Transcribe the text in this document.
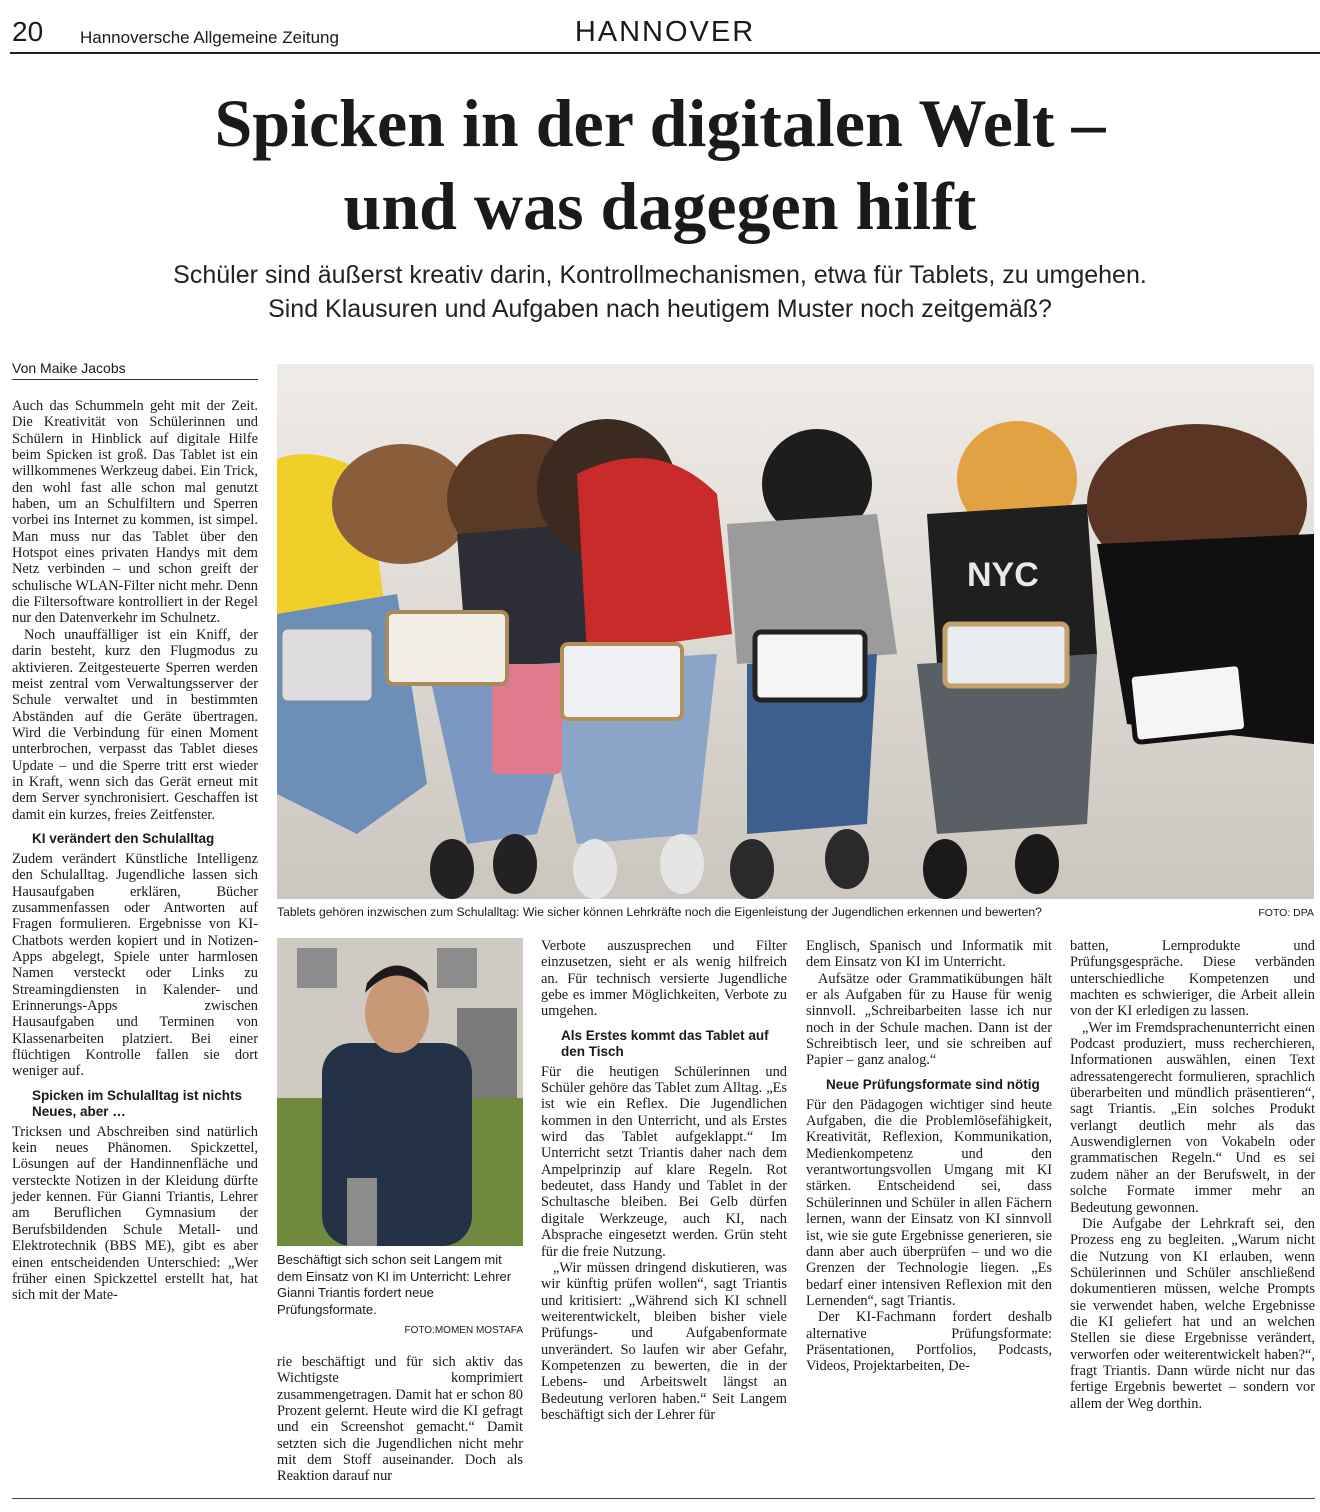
20 Hannoversche Allgemeine Zeitung	HANNOVER
Spicken in der digitalen Welt –
und was dagegen hilft
Schüler sind äußerst kreativ darin, Kontrollmechanismen, etwa für Tablets, zu umgehen.
Sind Klausuren und Aufgaben nach heutigem Muster noch zeitgemäß?
Von Maike Jacobs

Auch das Schummeln geht mit der Zeit. Die Kreativität von Schülerinnen und Schülern in Hinblick auf digitale Hilfe beim Spicken ist groß. Das Tablet ist ein willkommenes Werkzeug dabei. Ein Trick, den wohl fast alle schon mal genutzt haben, um an Schulfiltern und Sperren vorbei ins Internet zu kommen, ist simpel. Man muss nur das Tablet über den Hotspot eines privaten Handys mit dem Netz verbinden – und schon greift der schulische WLAN-Filter nicht mehr. Denn die Filtersoftware kontrolliert in der Regel nur den Datenverkehr im Schulnetz.

Noch unauffälliger ist ein Kniff, der darin besteht, kurz den Flugmodus zu aktivieren. Zeitgesteuerte Sperren werden meist zentral vom Verwaltungsserver der Schule verwaltet und in bestimmten Abständen auf die Geräte übertragen. Wird die Verbindung für einen Moment unterbrochen, verpasst das Tablet dieses Update – und die Sperre tritt erst wieder in Kraft, wenn sich das Gerät erneut mit dem Server synchronisiert. Geschaffen ist damit ein kurzes, freies Zeitfenster.

KI verändert den Schulalltag

Zudem verändert Künstliche Intelligenz den Schulalltag. Jugendliche lassen sich Hausaufgaben erklären, Bücher zusammenfassen oder Antworten auf Fragen formulieren. Ergebnisse von KI-Chatbots werden kopiert und in Notizen-Apps abgelegt, Spiele unter harmlosen Namen versteckt oder Links zu Streamingdiensten in Kalender- und Erinnerungs-Apps zwischen Hausaufgaben und Terminen von Klassenarbeiten platziert. Bei einer flüchtigen Kontrolle fallen sie dort weniger auf.

Spicken im Schulalltag ist nichts Neues, aber …

Tricksen und Abschreiben sind natürlich kein neues Phänomen. Spickzettel, Lösungen auf der Handinnenfläche und versteckte Notizen in der Kleidung dürfte jeder kennen. Für Gianni Triantis, Lehrer am Beruflichen Gymnasium der Berufsbildenden Schule Metall- und Elektrotechnik (BBS ME), gibt es aber einen entscheidenden Unterschied: „Wer früher einen Spickzettel erstellt hat, hat sich mit der Mate-

NYC
Tablets gehören inzwischen zum Schulalltag: Wie sicher können Lehrkräfte noch die Eigenleistung der Jugendlichen erkennen und bewerten?	FOTO: DPA
Beschäftigt sich schon seit Langem mit dem Einsatz von KI im Unterricht: Lehrer Gianni Triantis fordert neue Prüfungsformate.
FOTO:MOMEN MOSTAFA

rie beschäftigt und für sich aktiv das Wichtigste komprimiert zusammengetragen. Damit hat er schon 80 Prozent gelernt. Heute wird die KI gefragt und ein Screenshot gemacht.“ Damit setzten sich die Jugendlichen nicht mehr mit dem Stoff auseinander. Doch als Reaktion darauf nur

Verbote auszusprechen und Filter einzusetzen, sieht er als wenig hilfreich an. Für technisch versierte Jugendliche gebe es immer Möglichkeiten, Verbote zu umgehen.

Als Erstes kommt das Tablet auf den Tisch

Für die heutigen Schülerinnen und Schüler gehöre das Tablet zum Alltag. „Es ist wie ein Reflex. Die Jugendlichen kommen in den Unterricht, und als Erstes wird das Tablet aufgeklappt.“ Im Unterricht setzt Triantis daher nach dem Ampelprinzip auf klare Regeln. Rot bedeutet, dass Handy und Tablet in der Schultasche bleiben. Bei Gelb dürfen digitale Werkzeuge, auch KI, nach Absprache eingesetzt werden. Grün steht für die freie Nutzung.

„Wir müssen dringend diskutieren, was wir künftig prüfen wollen“, sagt Triantis und kritisiert: „Während sich KI schnell weiterentwickelt, bleiben bisher viele Prüfungs- und Aufgabenformate unverändert. So laufen wir aber Gefahr, Kompetenzen zu bewerten, die in der Lebens- und Arbeitswelt längst an Bedeutung verloren haben.“ Seit Langem beschäftigt sich der Lehrer für

Englisch, Spanisch und Informatik mit dem Einsatz von KI im Unterricht.

Aufsätze oder Grammatikübungen hält er als Aufgaben für zu Hause für wenig sinnvoll. „Schreibarbeiten lasse ich nur noch in der Schule machen. Dann ist der Schreibtisch leer, und sie schreiben auf Papier – ganz analog.“

Neue Prüfungsformate sind nötig

Für den Pädagogen wichtiger sind heute Aufgaben, die die Problemlösefähigkeit, Kreativität, Reflexion, Kommunikation, Medienkompetenz und den verantwortungsvollen Umgang mit KI stärken. Entscheidend sei, dass Schülerinnen und Schüler in allen Fächern lernen, wann der Einsatz von KI sinnvoll ist, wie sie gute Ergebnisse generieren, sie dann aber auch überprüfen – und wo die Grenzen der Technologie liegen. „Es bedarf einer intensiven Reflexion mit den Lernenden“, sagt Triantis.

Der KI-Fachmann fordert deshalb alternative Prüfungsformate: Präsentationen, Portfolios, Podcasts, Videos, Projektarbeiten, De-

batten, Lernprodukte und Prüfungsgespräche. Diese verbänden unterschiedliche Kompetenzen und machten es schwieriger, die Arbeit allein von der KI erledigen zu lassen.

„Wer im Fremdsprachenunterricht einen Podcast produziert, muss recherchieren, Informationen auswählen, einen Text adressatengerecht formulieren, sprachlich überarbeiten und mündlich präsentieren“, sagt Triantis. „Ein solches Produkt verlangt deutlich mehr als das Auswendiglernen von Vokabeln oder grammatischen Regeln.“ Und es sei zudem näher an der Berufswelt, in der solche Formate immer mehr an Bedeutung gewonnen.

Die Aufgabe der Lehrkraft sei, den Prozess eng zu begleiten. „Warum nicht die Nutzung von KI erlauben, wenn Schülerinnen und Schüler anschließend dokumentieren müssen, welche Prompts sie verwendet haben, welche Ergebnisse die KI geliefert hat und an welchen Stellen sie diese Ergebnisse verändert, verworfen oder weiterentwickelt haben?“, fragt Triantis. Dann würde nicht nur das fertige Ergebnis bewertet – sondern vor allem der Weg dorthin.
